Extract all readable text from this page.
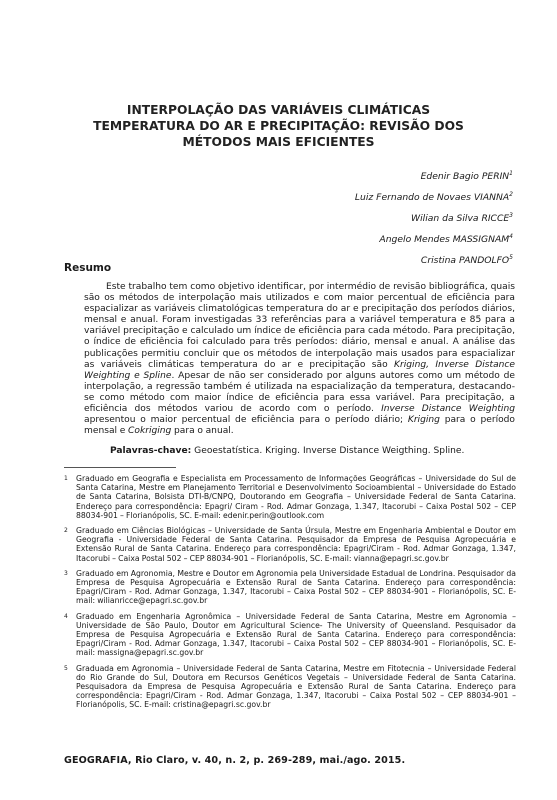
INTERPOLAÇÃO DAS VARIÁVEIS CLIMÁTICAS
TEMPERATURA DO AR E PRECIPITAÇÃO: REVISÃO DOS
MÉTODOS MAIS EFICIENTES
Edenir Bagio PERIN$^1$
Luiz Fernando de Novaes VIANNA$^2$
Wilian da Silva RICCE$^3$
Angelo Mendes MASSIGNAM$^4$
Cristina PANDOLFO$^5$
Resumo

Este trabalho tem como objetivo identificar, por intermédio de revisão bibliográfica, quais são os métodos de interpolação mais utilizados e com maior percentual de eficiência para espacializar as variáveis climatológicas temperatura do ar e precipitação dos períodos diários, mensal e anual. Foram investigadas 33 referências para a variável temperatura e 85 para a variável precipitação e calculado um índice de eficiência para cada método. Para precipitação, o índice de eficiência foi calculado para três períodos: diário, mensal e anual. A análise das publicações permitiu concluir que os métodos de interpolação mais usados para espacializar as variáveis climáticas temperatura do ar e precipitação são Kriging, Inverse Distance Weighting e Spline. Apesar de não ser considerado por alguns autores como um método de interpolação, a regressão também é utilizada na espacialização da temperatura, destacando-se como método com maior índice de eficiência para essa variável. Para precipitação, a eficiência dos métodos variou de acordo com o período. Inverse Distance Weighting apresentou o maior percentual de eficiência para o período diário; Kriging para o período mensal e Cokriging para o anual.

Palavras-chave: Geoestatística. Kriging. Inverse Distance Weigthing. Spline.
1 Graduado em Geografia e Especialista em Processamento de Informações Geográficas – Universidade do Sul de Santa Catarina, Mestre em Planejamento Territorial e Desenvolvimento Socioambiental – Universidade do Estado de Santa Catarina, Bolsista DTI-B/CNPQ, Doutorando em Geografia – Universidade Federal de Santa Catarina. Endereço para correspondência: Epagri/ Ciram - Rod. Admar Gonzaga, 1.347, Itacorubi – Caixa Postal 502 – CEP 88034-901 – Florianópolis, SC. E-mail: edenir.perin@outlook.com
2 Graduado em Ciências Biológicas – Universidade de Santa Úrsula, Mestre em Engenharia Ambiental e Doutor em Geografia - Universidade Federal de Santa Catarina. Pesquisador da Empresa de Pesquisa Agropecuária e Extensão Rural de Santa Catarina. Endereço para correspondência: Epagri/Ciram - Rod. Admar Gonzaga, 1.347, Itacorubi – Caixa Postal 502 – CEP 88034-901 – Florianópolis, SC. E-mail: vianna@epagri.sc.gov.br
3 Graduado em Agronomia, Mestre e Doutor em Agronomia pela Universidade Estadual de Londrina. Pesquisador da Empresa de Pesquisa Agropecuária e Extensão Rural de Santa Catarina. Endereço para correspondência: Epagri/Ciram - Rod. Admar Gonzaga, 1.347, Itacorubi – Caixa Postal 502 – CEP 88034-901 – Florianópolis, SC. E-mail: wilianricce@epagri.sc.gov.br
4 Graduado em Engenharia Agronômica – Universidade Federal de Santa Catarina, Mestre em Agronomia – Universidade de São Paulo, Doutor em Agricultural Science- The University of Queensland. Pesquisador da Empresa de Pesquisa Agropecuária e Extensão Rural de Santa Catarina. Endereço para correspondência: Epagri/Ciram - Rod. Admar Gonzaga, 1.347, Itacorubi – Caixa Postal 502 – CEP 88034-901 – Florianópolis, SC. E-mail: massigna@epagri.sc.gov.br
5 Graduada em Agronomia – Universidade Federal de Santa Catarina, Mestre em Fitotecnia – Universidade Federal do Rio Grande do Sul, Doutora em Recursos Genéticos Vegetais – Universidade Federal de Santa Catarina. Pesquisadora da Empresa de Pesquisa Agropecuária e Extensão Rural de Santa Catarina. Endereço para correspondência: Epagri/Ciram - Rod. Admar Gonzaga, 1.347, Itacorubi – Caixa Postal 502 – CEP 88034-901 – Florianópolis, SC. E-mail: cristina@epagri.sc.gov.br
GEOGRAFIA, Rio Claro, v. 40, n. 2, p. 269-289, mai./ago. 2015.
